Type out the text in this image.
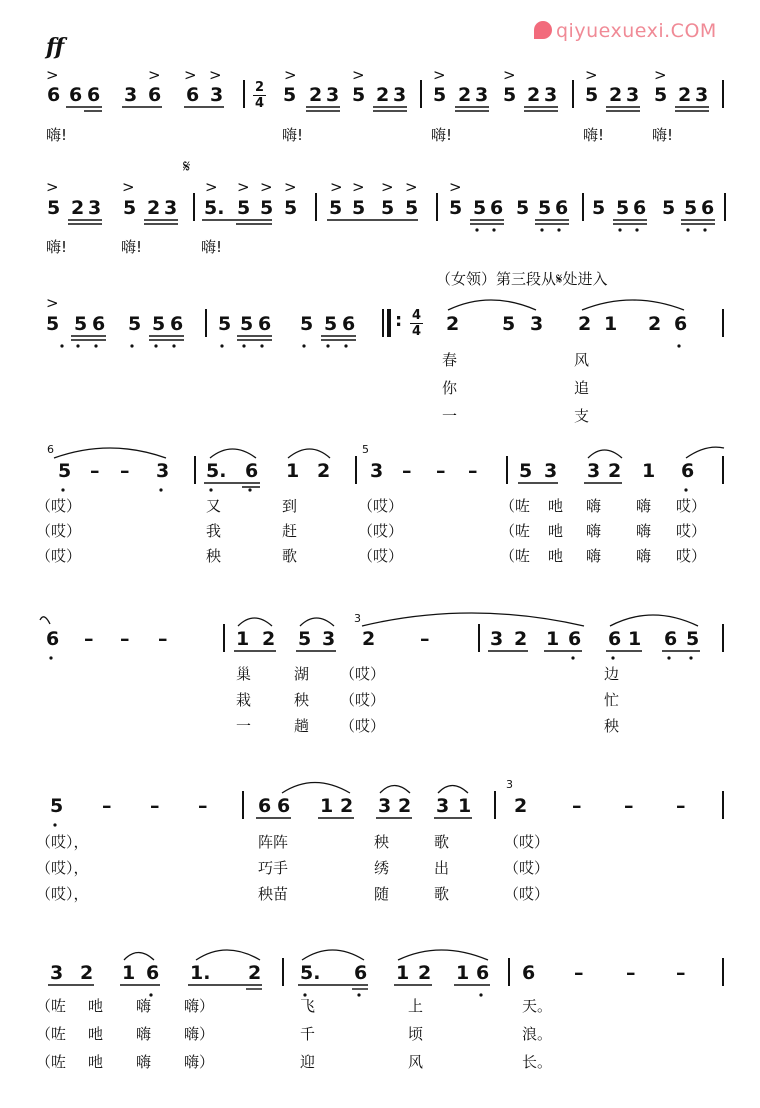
qiyuexuexi.COM
ff
>	> > >	>	>	>	>	>	>
6 6 6 3 6 6 3 2
4 5 2 3 5 2 3 5 2 3 5 2 3 5 2 3 5 2 3
嗨!	嗨!	嗨!	嗨!	嗨!
𝄋
>	>	> > > > > > > > >
5 2 3 5 2 3 5. 5 5 5 5 5 5 5 5 5 6 5 5 6 5 5 6 5 5 6
嗨!	嗨!	嗨!
（女领）第三段从𝄋处进入
>
5 5 6 5 5 6 5 5 6 5 5 6 : 4
4 2 5 3 2 1 2 6
春	风
你	追
一	支
6
5 – – 3 5. 6 1 2
5
3 – – – 5 3 3 2 1 6
（哎）	又	到	（哎）	（咗 吔 嗨 嗨 哎）
（哎）	我	赶	（哎）	（咗 吔 嗨 嗨 哎）
（哎）	秧	歌	（哎）	（咗 吔 嗨 嗨 哎）
6 – – –	1 2 5 3
3
2 –	3 2 1 6 6 1 6 5
巢	湖 （哎）	边
栽	秧 （哎）	忙
一	趟 （哎）	秧
5 – – –	6 6 1 2 3 2 3 1
3
2 – – –
（哎），	阵阵	秧	歌	（哎）
（哎），	巧手	绣	出	（哎）
（哎），	秧苗	随	歌	（哎）
3 2 1 6 1. 2 5. 6 1 2 1 6 6 – – –
（咗 吔 嗨 嗨）	飞	上	天。
（咗 吔 嗨 嗨）	千	顷	浪。
（咗 吔 嗨 嗨）	迎	风	长。
